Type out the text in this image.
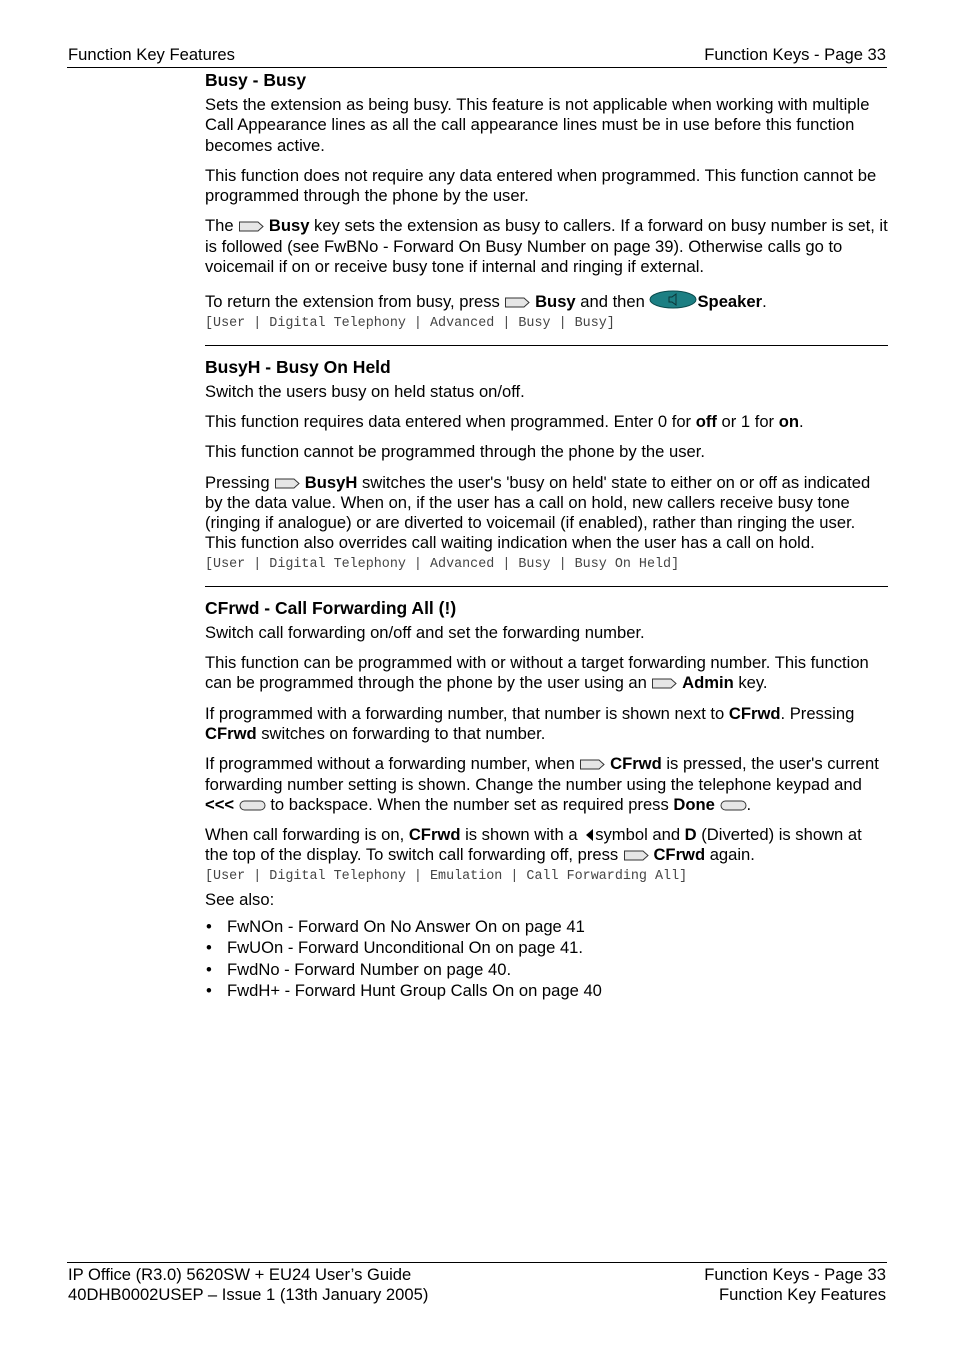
Function Key Features	Function Keys - Page 33
Busy - Busy

Sets the extension as being busy. This feature is not applicable when working with multiple Call Appearance lines as all the call appearance lines must be in use before this function becomes active.

This function does not require any data entered when programmed. This function cannot be programmed through the phone by the user.

The  Busy key sets the extension as busy to callers. If a forward on busy number is set, it is followed (see FwBNo - Forward On Busy Number on page 39). Otherwise calls go to voicemail if on or receive busy tone if internal and ringing if external.

To return the extension from busy, press  Busy and then	Speaker.

[User | Digital Telephony | Advanced | Busy | Busy]
BusyH - Busy On Held

Switch the users busy on held status on/off.

This function requires data entered when programmed. Enter 0 for off or 1 for on.

This function cannot be programmed through the phone by the user.

Pressing  BusyH switches the user's 'busy on held' state to either on or off as indicated by the data value. When on, if the user has a call on hold, new callers receive busy tone (ringing if analogue) or are diverted to voicemail (if enabled), rather than ringing the user. This function also overrides call waiting indication when the user has a call on hold.

[User | Digital Telephony | Advanced | Busy | Busy On Held]
CFrwd - Call Forwarding All (!)

Switch call forwarding on/off and set the forwarding number.

This function can be programmed with or without a target forwarding number. This function can be programmed through the phone by the user using an  Admin key.

If programmed with a forwarding number, that number is shown next to CFrwd. Pressing CFrwd switches on forwarding to that number.

If programmed without a forwarding number, when  CFrwd is pressed, the user's current forwarding number setting is shown. Change the number using the telephone keypad and <<<  to backspace. When the number set as required press Done .

When call forwarding is on, CFrwd is shown with a symbol and D (Diverted) is shown at the top of the display. To switch call forwarding off, press  CFrwd again.

[User | Digital Telephony | Emulation | Call Forwarding All]

See also:

• FwNOn - Forward On No Answer On on page 41
• FwUOn - Forward Unconditional On on page 41.
• FwdNo - Forward Number on page 40.
• FwdH+ - Forward Hunt Group Calls On on page 40
IP Office (R3.0) 5620SW + EU24 User’s Guide	Function Keys - Page 33
40DHB0002USEP – Issue 1 (13th January 2005)	Function Key Features
